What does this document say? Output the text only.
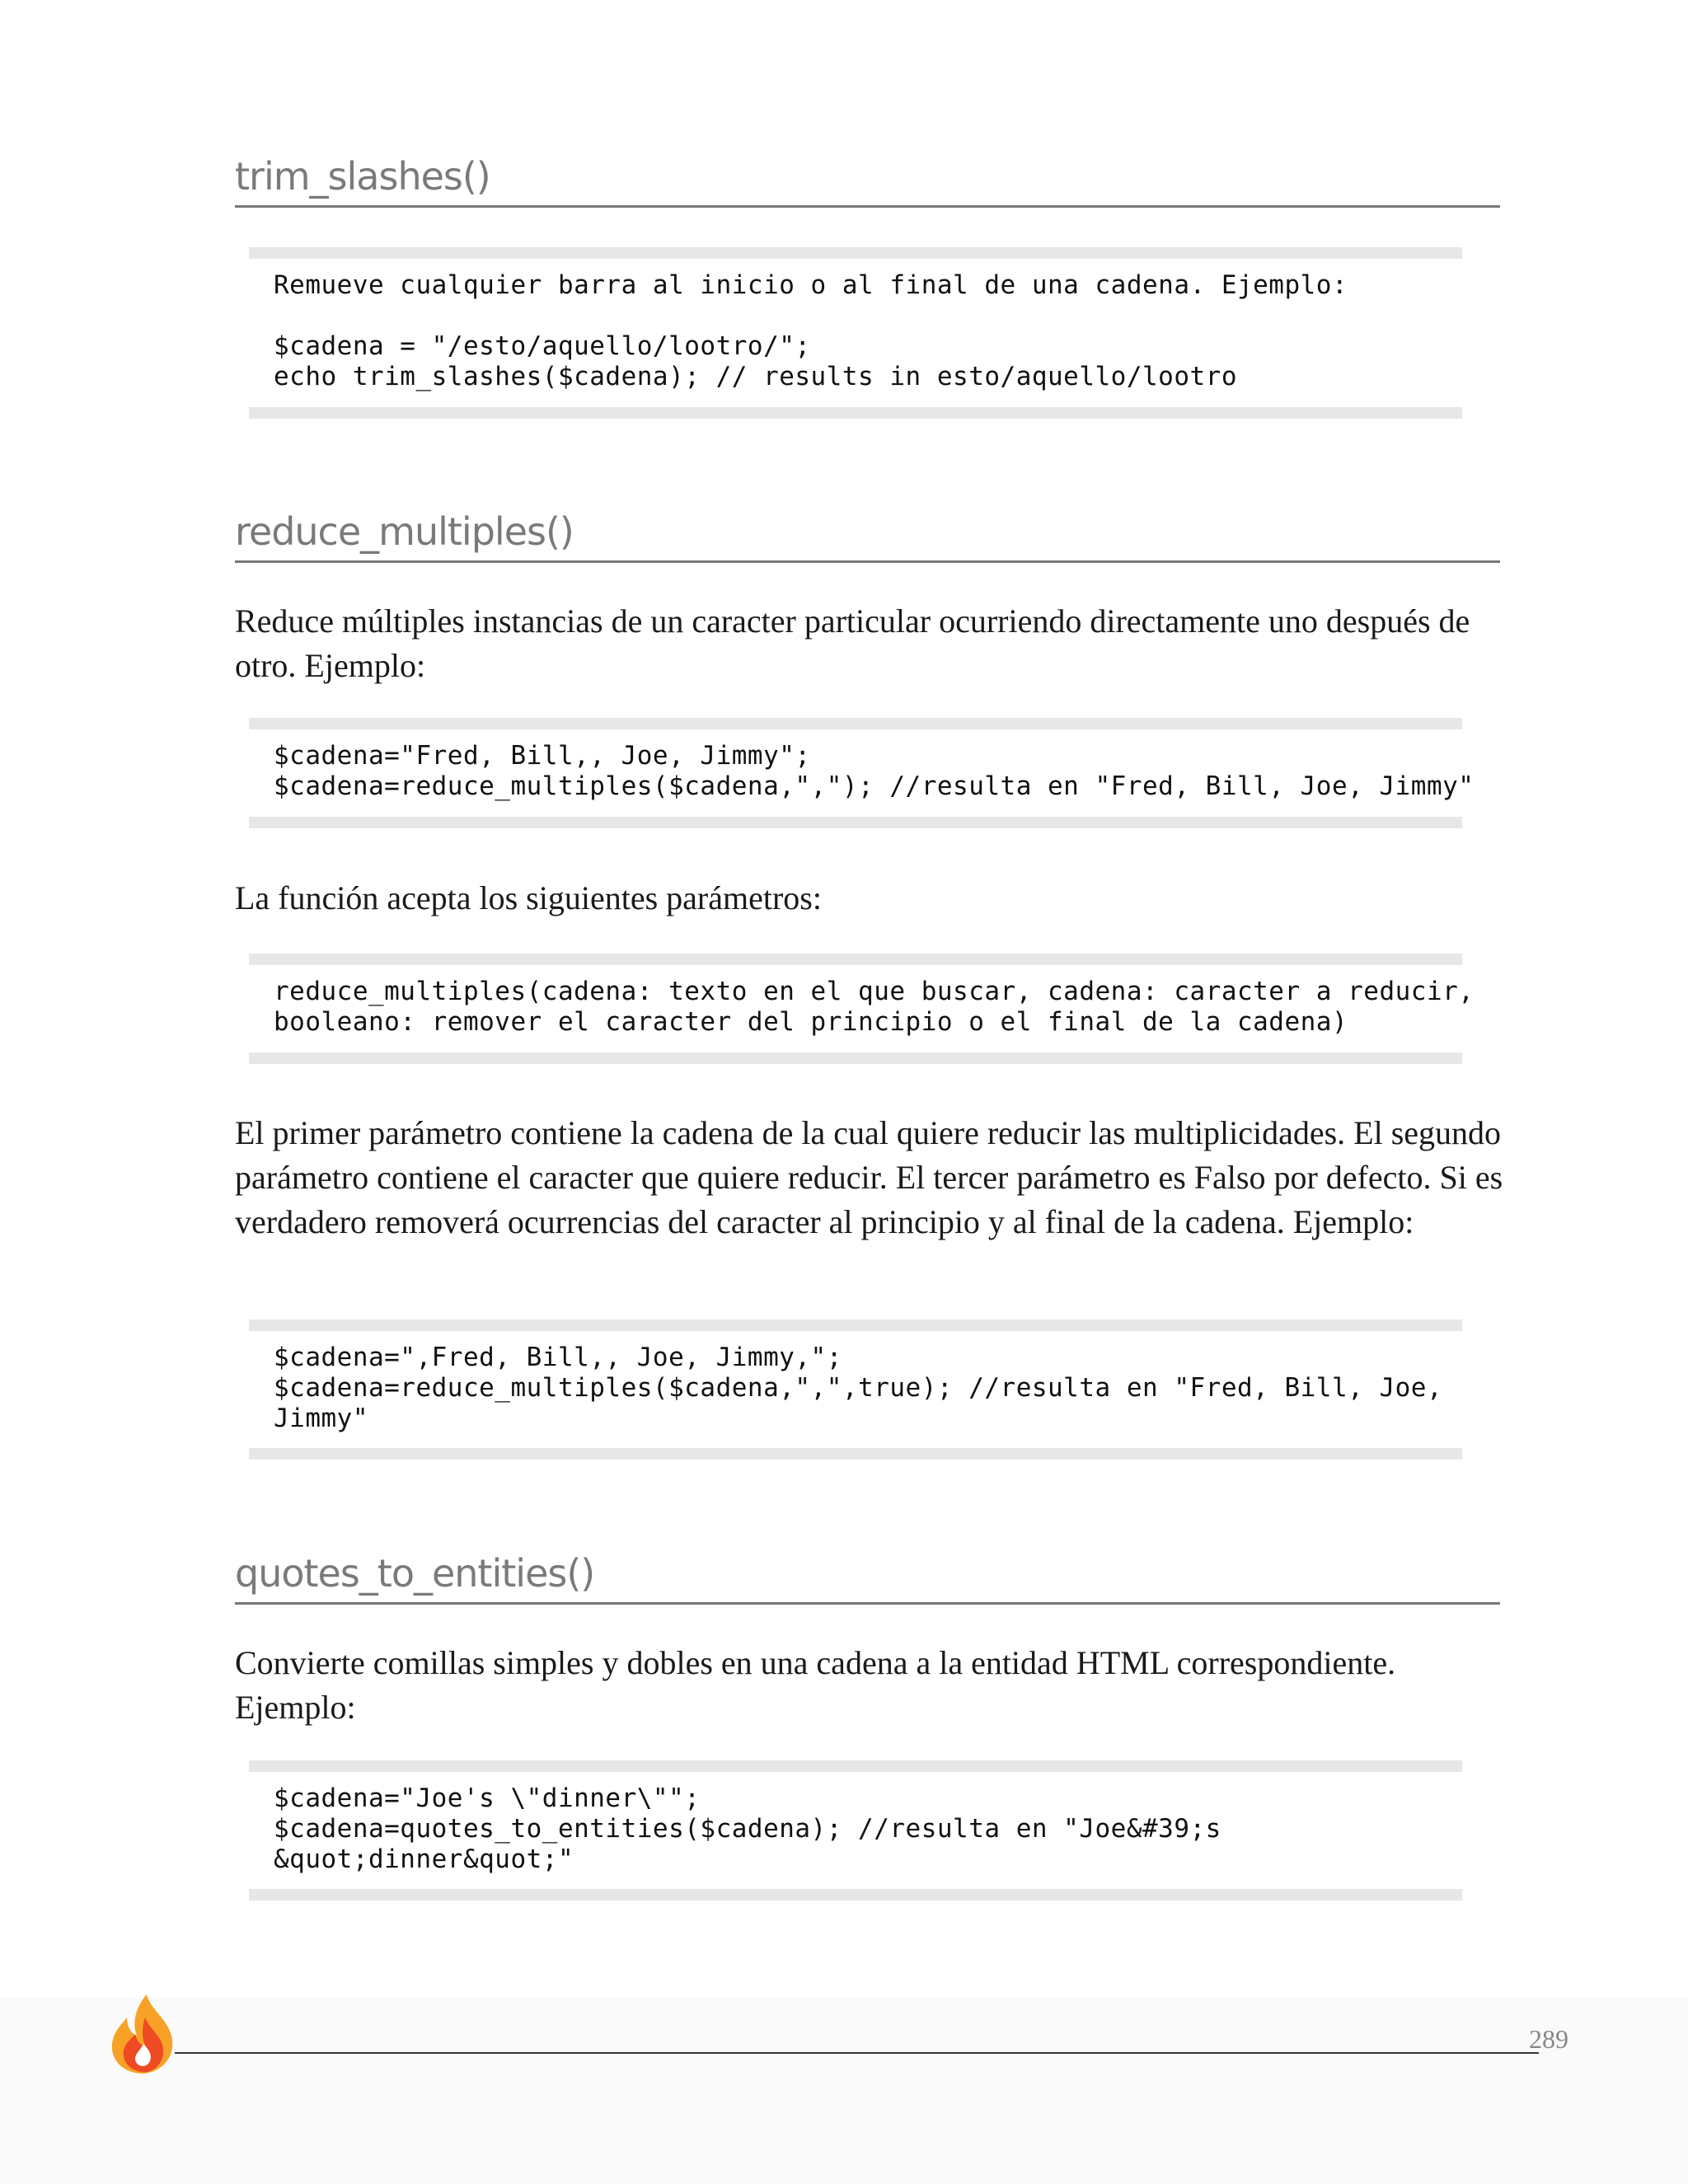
trim_slashes()
Remueve cualquier barra al inicio o al final de una cadena. Ejemplo:

$cadena = "/esto/aquello/lootro/";
echo trim_slashes($cadena); // results in esto/aquello/lootro
reduce_multiples()

Reduce múltiples instancias de un caracter particular ocurriendo directamente uno después de otro. Ejemplo:

$cadena="Fred, Bill,, Joe, Jimmy";
$cadena=reduce_multiples($cadena,","); //resulta en "Fred, Bill, Joe, Jimmy"

La función acepta los siguientes parámetros:

reduce_multiples(cadena: texto en el que buscar, cadena: caracter a reducir,
booleano: remover el caracter del principio o el final de la cadena)

El primer parámetro contiene la cadena de la cual quiere reducir las multiplicidades. El segundo parámetro contiene el caracter que quiere reducir. El tercer parámetro es Falso por defecto. Si es verdadero removerá ocurrencias del caracter al principio y al final de la cadena. Ejemplo:

$cadena=",Fred, Bill,, Joe, Jimmy,";
$cadena=reduce_multiples($cadena,",",true); //resulta en "Fred, Bill, Joe,
Jimmy"
quotes_to_entities()

Convierte comillas simples y dobles en una cadena a la entidad HTML correspondiente. Ejemplo:

$cadena="Joe's \"dinner\"";
$cadena=quotes_to_entities($cadena); //resulta en "Joe&#39;s
&quot;dinner&quot;"
289
